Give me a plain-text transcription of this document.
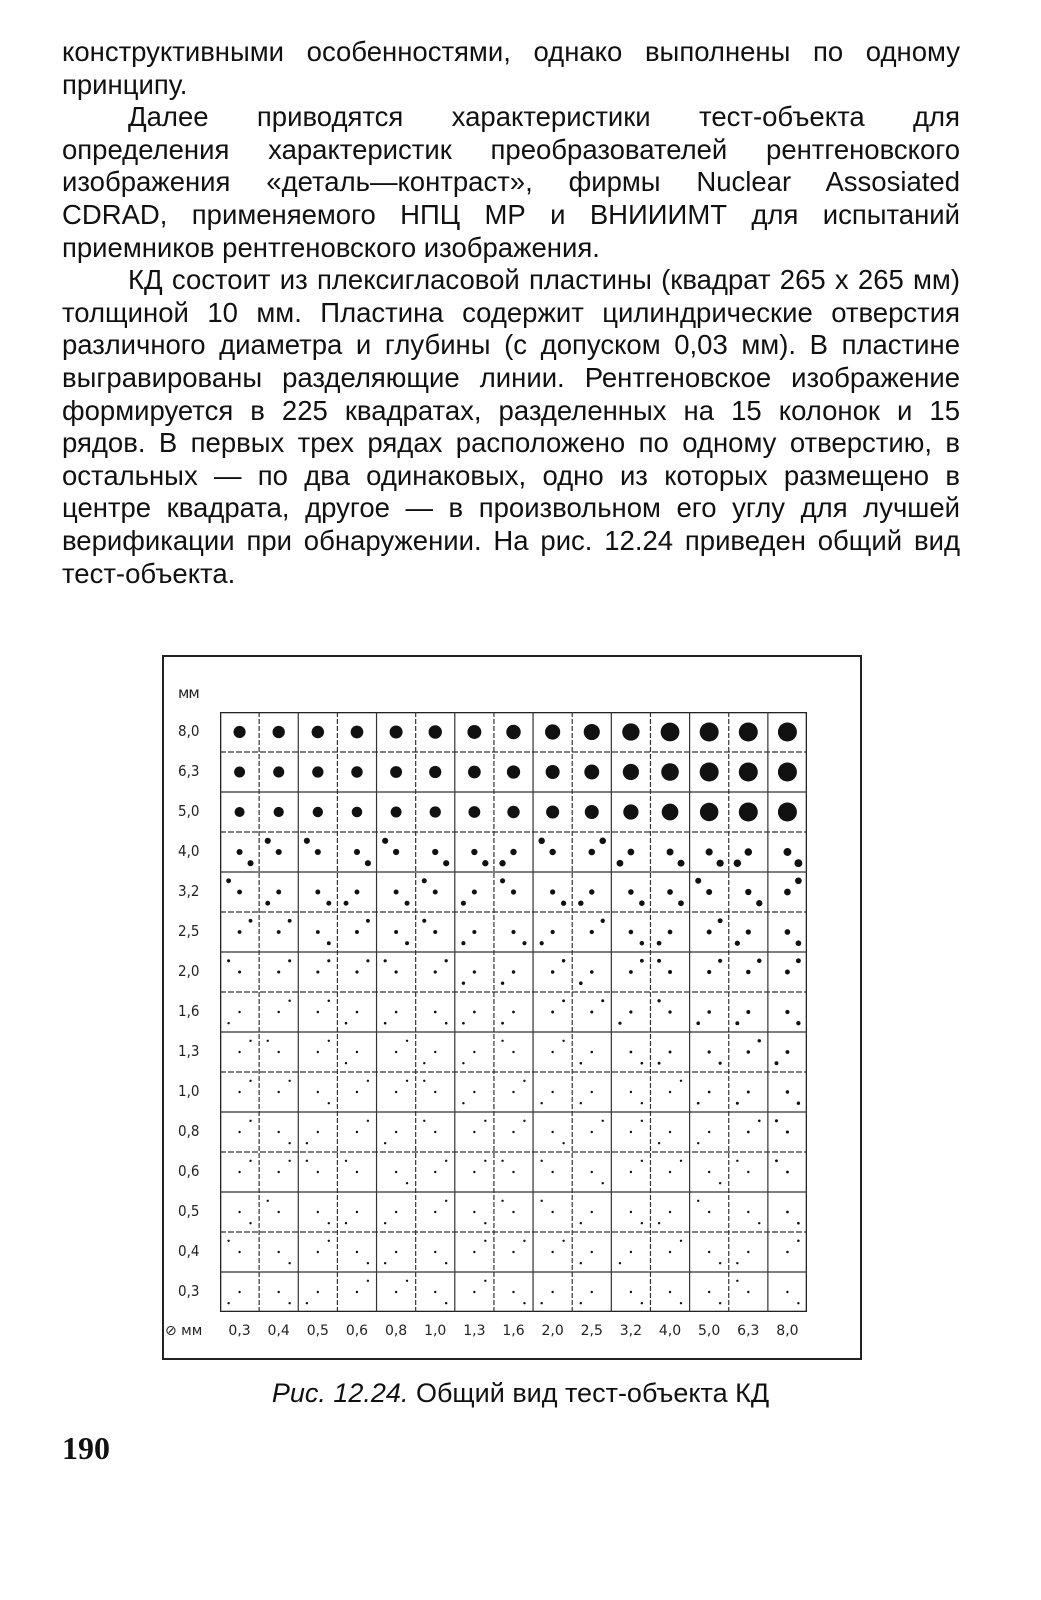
конструктивными особенностями, однако выполнены по одному принципу.

Далее приводятся характеристики тест-объекта для определения характеристик преобразователей рентгеновского изображения «деталь—контраст», фирмы Nuclear Assosiated CDRAD, применяемого НПЦ МР и ВНИИИМТ для испытаний приемников рентгеновского изображения.

КД состоит из плексигласовой пластины (квадрат 265 x 265 мм) толщиной 10 мм. Пластина содержит цилиндрические отверстия различного диаметра и глубины (с допуском 0,03 мм). В пластине выгравированы разделяющие линии. Рентгеновское изображение формируется в 225 квадратах, разделенных на 15 колонок и 15 рядов. В первых трех рядах расположено по одному отверстию, в остальных — по два одинаковых, одно из которых размещено в центре квадрата, другое — в произвольном его углу для лучшей верификации при обнаружении. На рис. 12.24 приведен общий вид тест-объекта.

мм
8,0
6,3
5,0
4,0
3,2
2,5
2,0
1,6
1,3
1,0
0,8
0,6
0,5
0,4
0,3
0,3	0,4	0,5	0,6	0,8	1,0	1,3	1,6	2,0	2,5	3,2	4,0	5,0	6,3	8,0
⊘ мм
Рис. 12.24. Общий вид тест-объекта КД
190
